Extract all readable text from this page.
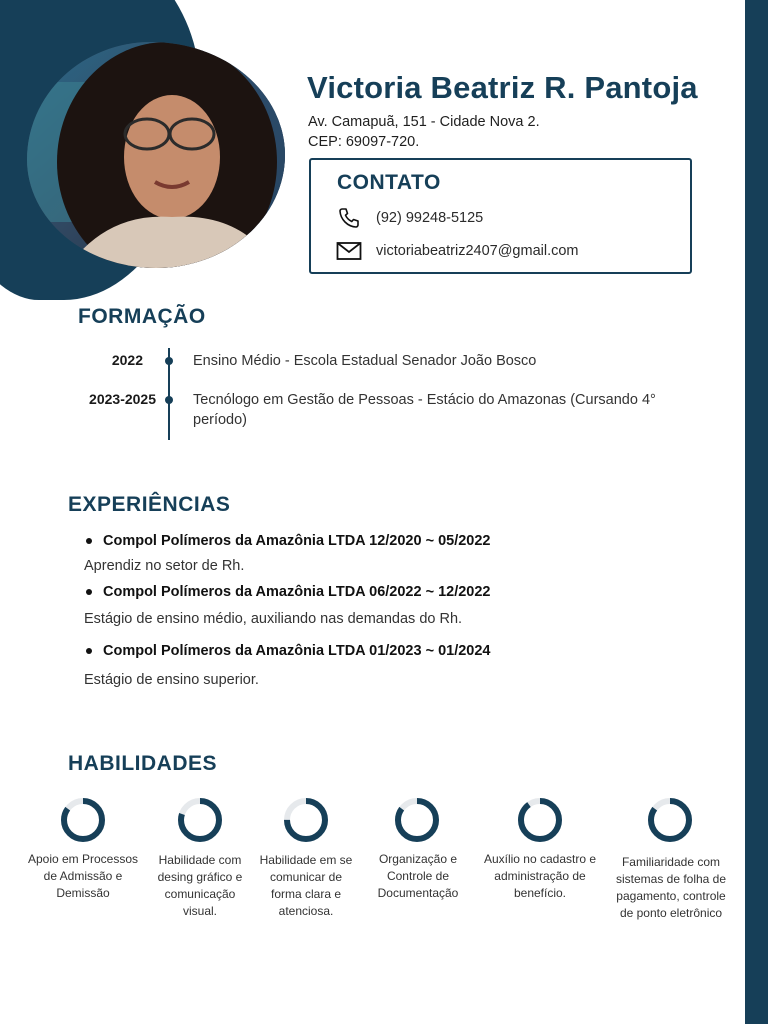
Victoria Beatriz R. Pantoja
Av. Camapuã, 151 - Cidade Nova 2.
CEP: 69097-720.
CONTATO
(92) 99248-5125
victoriabeatriz2407@gmail.com
FORMAÇÃO
2022	Ensino Médio - Escola Estadual Senador João Bosco
2023-2025	Tecnólogo em Gestão de Pessoas - Estácio do Amazonas (Cursando 4° período)
EXPERIÊNCIAS
Compol Polímeros da Amazônia LTDA 12/2020 ~ 05/2022
Aprendiz no setor de Rh.
Compol Polímeros da Amazônia LTDA 06/2022 ~ 12/2022
Estágio de ensino médio, auxiliando nas demandas do Rh.
Compol Polímeros da Amazônia LTDA 01/2023 ~ 01/2024
Estágio de ensino superior.
HABILIDADES
Apoio em Processos de Admissão e Demissão
Habilidade com desing gráfico e comunicação visual.
Habilidade em se comunicar de forma clara e atenciosa.
Organização e Controle de Documentação
Auxílio no cadastro e administração de benefício.
Familiaridade com sistemas de folha de pagamento, controle de ponto eletrônico
